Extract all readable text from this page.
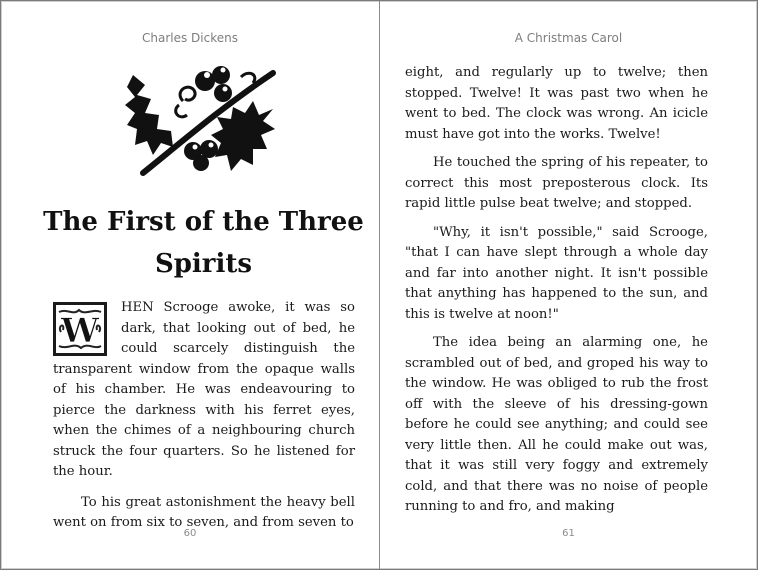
Charles Dickens
The First of the Three Spirits
W

HEN Scrooge awoke, it was so dark, that looking out of bed, he could scarcely distinguish the transparent window from the opaque walls of his chamber. He was endeavouring to pierce the darkness with his ferret eyes, when the chimes of a neighbouring church struck the four quarters. So he listened for the hour.

To his great astonishment the heavy bell went on from six to seven, and from seven to

60
A Christmas Carol

eight, and regularly up to twelve; then stopped. Twelve! It was past two when he went to bed. The clock was wrong. An icicle must have got into the works. Twelve!

He touched the spring of his repeater, to correct this most preposterous clock. Its rapid little pulse beat twelve; and stopped.

"Why, it isn't possible," said Scrooge, "that I can have slept through a whole day and far into another night. It isn't possible that anything has happened to the sun, and this is twelve at noon!"

The idea being an alarming one, he scrambled out of bed, and groped his way to the window. He was obliged to rub the frost off with the sleeve of his dressing-gown before he could see anything; and could see very little then. All he could make out was, that it was still very foggy and extremely cold, and that there was no noise of people running to and fro, and making

61
